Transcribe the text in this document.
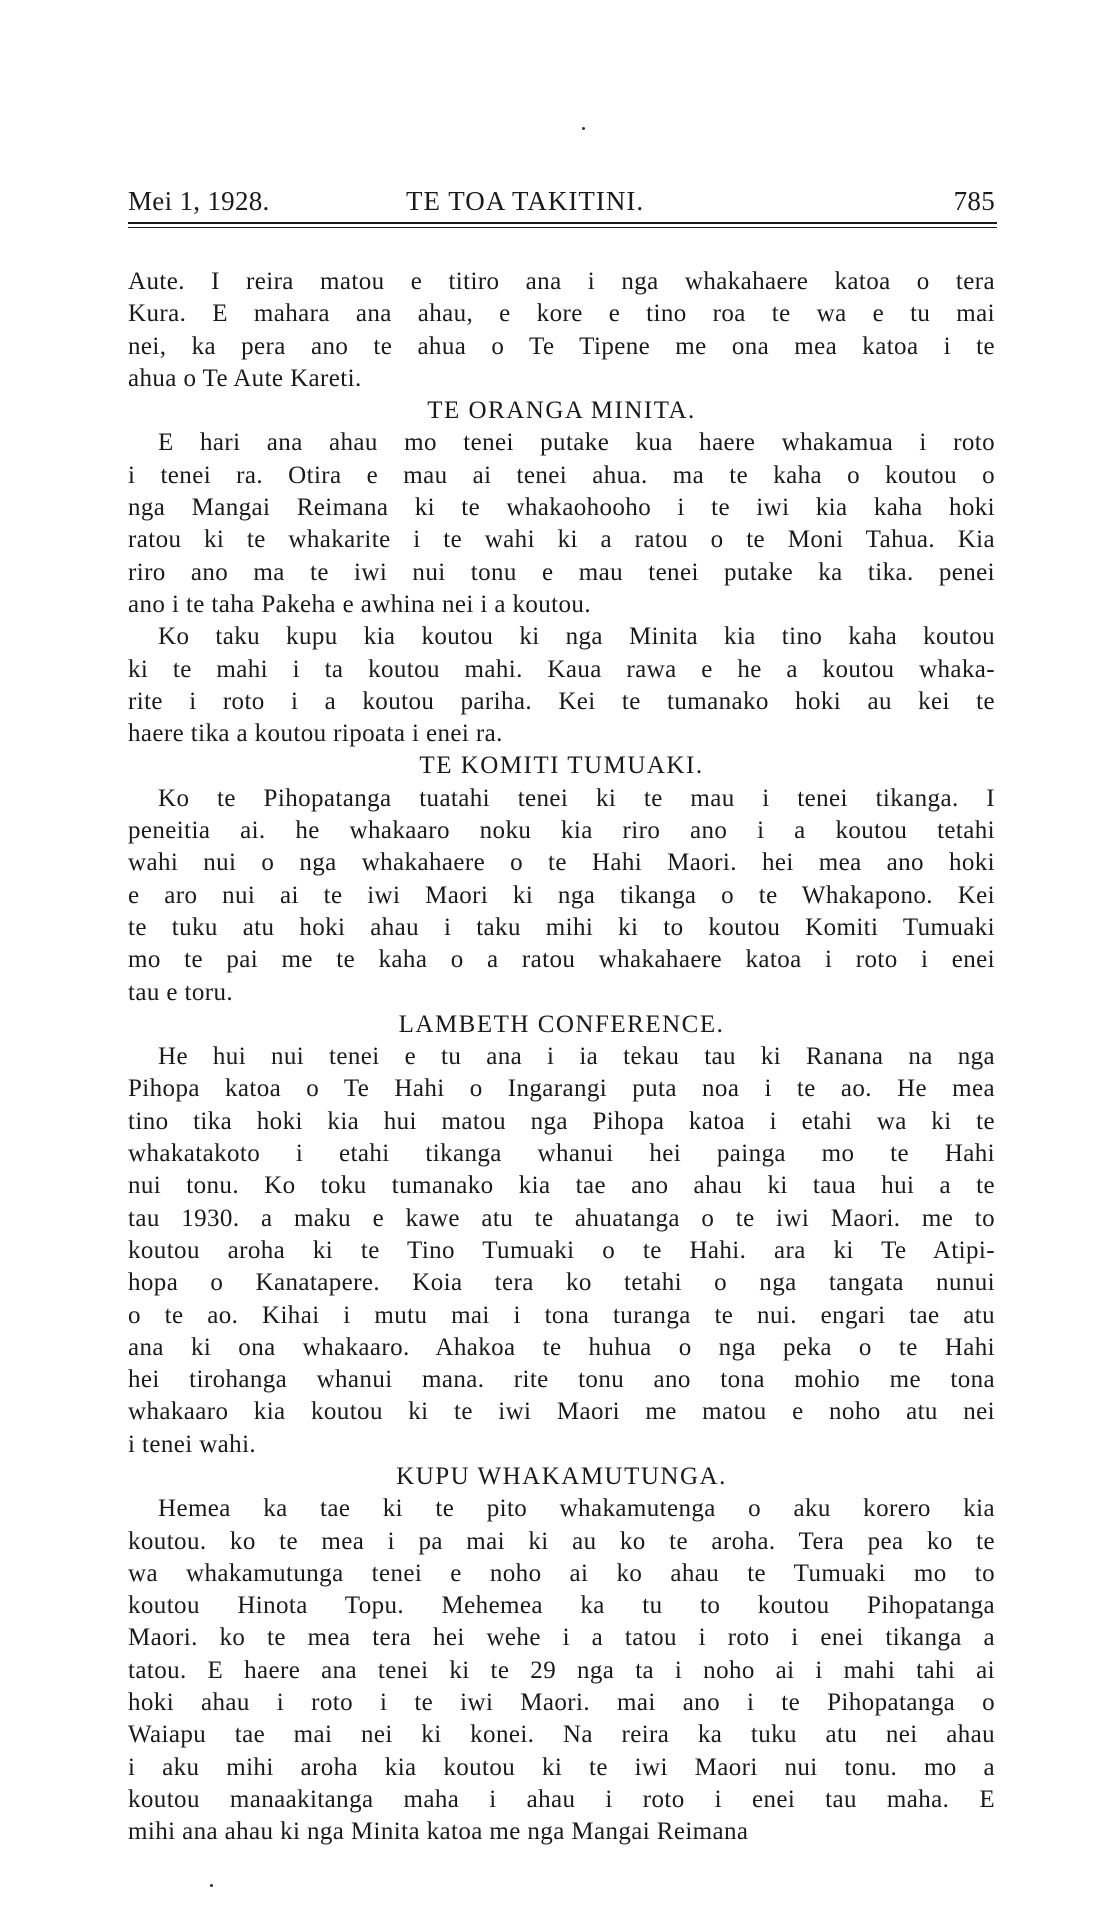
Mei 1, 1928.	TE TOA TAKITINI.	785
Aute. I reira matou e titiro ana i nga whakahaere katoa o tera
Kura. E mahara ana ahau, e kore e tino roa te wa e tu mai
nei, ka pera ano te ahua o Te Tipene me ona mea katoa i te
ahua o Te Aute Kareti.
TE ORANGA MINITA.
E hari ana ahau mo tenei putake kua haere whakamua i roto
i tenei ra. Otira e mau ai tenei ahua. ma te kaha o koutou o
nga Mangai Reimana ki te whakaohooho i te iwi kia kaha hoki
ratou ki te whakarite i te wahi ki a ratou o te Moni Tahua. Kia
riro ano ma te iwi nui tonu e mau tenei putake ka tika. penei
ano i te taha Pakeha e awhina nei i a koutou.
Ko taku kupu kia koutou ki nga Minita kia tino kaha koutou
ki te mahi i ta koutou mahi. Kaua rawa e he a koutou whaka-
rite i roto i a koutou pariha. Kei te tumanako hoki au kei te
haere tika a koutou ripoata i enei ra.
TE KOMITI TUMUAKI.
Ko te Pihopatanga tuatahi tenei ki te mau i tenei tikanga. I
peneitia ai. he whakaaro noku kia riro ano i a koutou tetahi
wahi nui o nga whakahaere o te Hahi Maori. hei mea ano hoki
e aro nui ai te iwi Maori ki nga tikanga o te Whakapono. Kei
te tuku atu hoki ahau i taku mihi ki to koutou Komiti Tumuaki
mo te pai me te kaha o a ratou whakahaere katoa i roto i enei
tau e toru.
LAMBETH CONFERENCE.
He hui nui tenei e tu ana i ia tekau tau ki Ranana na nga
Pihopa katoa o Te Hahi o Ingarangi puta noa i te ao. He mea
tino tika hoki kia hui matou nga Pihopa katoa i etahi wa ki te
whakatakoto i etahi tikanga whanui hei painga mo te Hahi
nui tonu. Ko toku tumanako kia tae ano ahau ki taua hui a te
tau 1930. a maku e kawe atu te ahuatanga o te iwi Maori. me to
koutou aroha ki te Tino Tumuaki o te Hahi. ara ki Te Atipi-
hopa o Kanatapere. Koia tera ko tetahi o nga tangata nunui
o te ao. Kihai i mutu mai i tona turanga te nui. engari tae atu
ana ki ona whakaaro. Ahakoa te huhua o nga peka o te Hahi
hei tirohanga whanui mana. rite tonu ano tona mohio me tona
whakaaro kia koutou ki te iwi Maori me matou e noho atu nei
i tenei wahi.
KUPU WHAKAMUTUNGA.
Hemea ka tae ki te pito whakamutenga o aku korero kia
koutou. ko te mea i pa mai ki au ko te aroha. Tera pea ko te
wa whakamutunga tenei e noho ai ko ahau te Tumuaki mo to
koutou Hinota Topu. Mehemea ka tu to koutou Pihopatanga
Maori. ko te mea tera hei wehe i a tatou i roto i enei tikanga a
tatou. E haere ana tenei ki te 29 nga ta i noho ai i mahi tahi ai
hoki ahau i roto i te iwi Maori. mai ano i te Pihopatanga o
Waiapu tae mai nei ki konei. Na reira ka tuku atu nei ahau
i aku mihi aroha kia koutou ki te iwi Maori nui tonu. mo a
koutou manaakitanga maha i ahau i roto i enei tau maha. E
mihi ana ahau ki nga Minita katoa me nga Mangai Reimana
